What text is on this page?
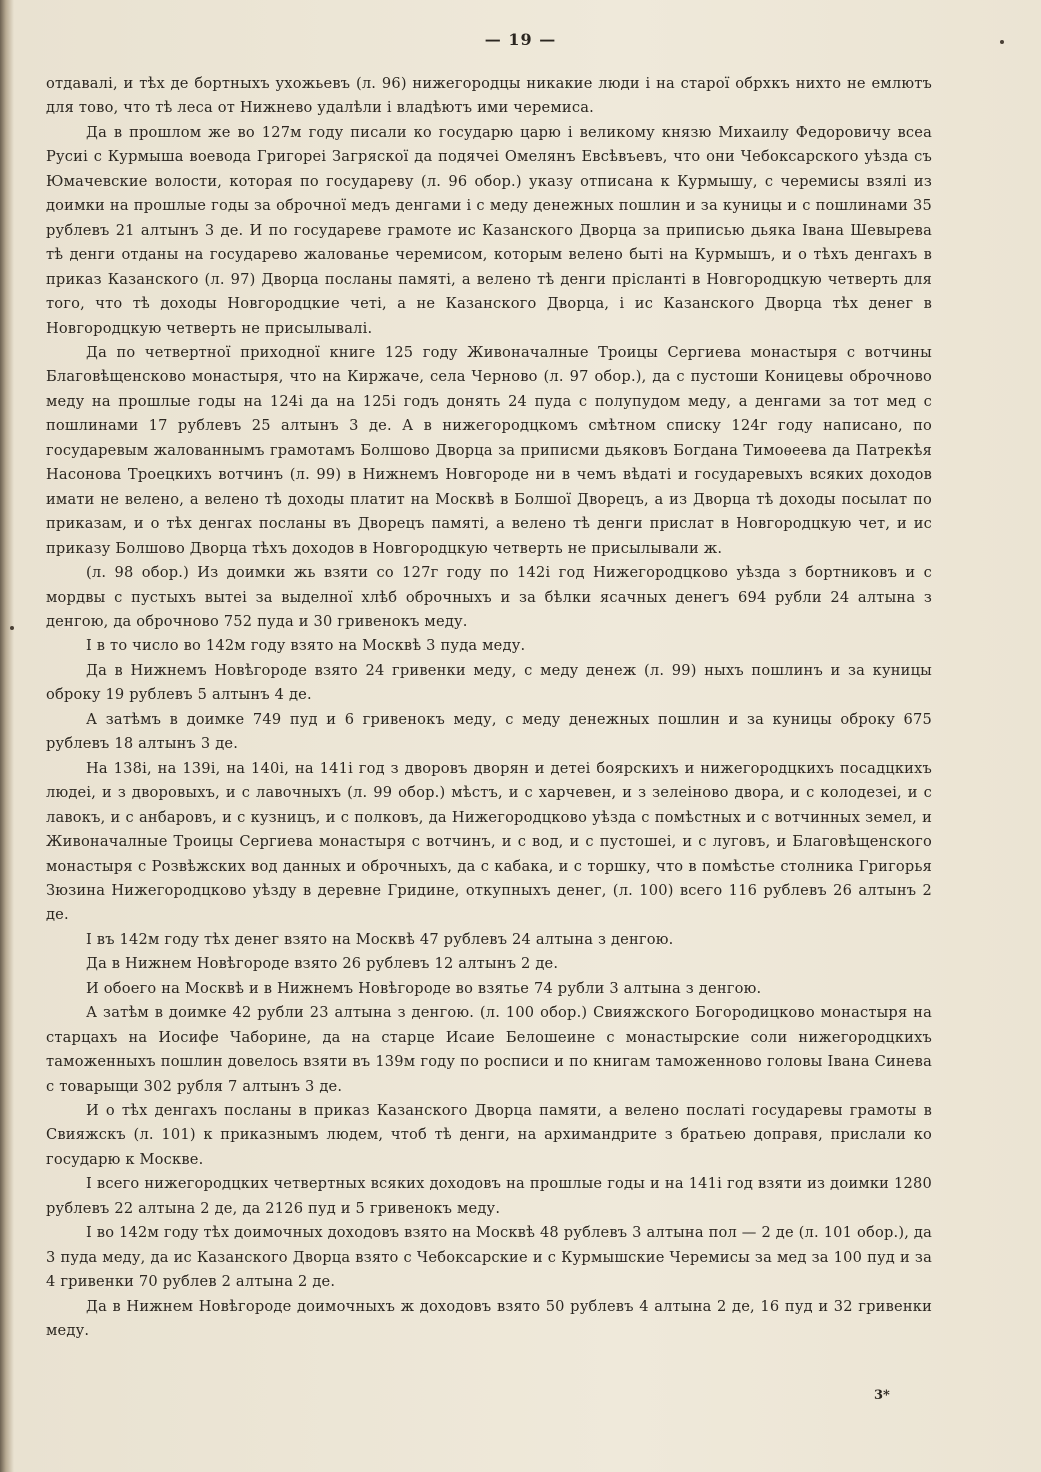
— 19 —

отдавалі, и тѣх де бортныхъ ухожьевъ (л. 96) нижегородцы никакие люди і на старої обрхкъ нихто не емлютъ для тово, что тѣ леса от Нижнево удалѣли і владѣютъ ими черемиса.

Да в прошлом же во 127м году писали ко государю царю і великому князю Михаилу Федоровичу всеа Русиі с Курмыша воевода Григореі Загряскої да подячеі Омелянъ Евсѣвъевъ, что они Чебоксарского уѣзда съ Юмачевские волости, которая по государеву (л. 96 обор.) указу отписана к Курмышу, с черемисы взялі из доимки на прошлые годы за оброчної медъ денгами і с меду денежных пошлин и за куницы и с пошлинами 35 рублевъ 21 алтынъ 3 де. И по государеве грамоте ис Казанского Дворца за приписью дьяка Івана Шевырева тѣ денги отданы на государево жалованье черемисом, которым велено быті на Курмышъ, и о тѣхъ денгахъ в приказ Казанского (л. 97) Дворца посланы памяті, а велено тѣ денги прісланті в Новгородцкую четверть для того, что тѣ доходы Новгородцкие четі, а не Казанского Дворца, і ис Казанского Дворца тѣх денег в Новгородцкую четверть не присылывалі.

Да по четвертної приходної книге 125 году Живоначалные Троицы Сергиева монастыря с вотчины Благовѣщенсково монастыря, что на Киржаче, села Черново (л. 97 обор.), да с пустоши Коницевы оброчново меду на прошлые годы на 124і да на 125і годъ донять 24 пуда с полупудом меду, а денгами за тот мед с пошлинами 17 рублевъ 25 алтынъ 3 де. А в нижегородцкомъ смѣтном списку 124г году написано, по государевым жалованнымъ грамотамъ Болшово Дворца за приписми дьяковъ Богдана Тимоѳеева да Патрекѣя Насонова Троецкихъ вотчинъ (л. 99) в Нижнемъ Новгороде ни в чемъ вѣдаті и государевыхъ всяких доходов имати не велено, а велено тѣ доходы платит на Москвѣ в Болшої Дворецъ, а из Дворца тѣ доходы посылат по приказам, и о тѣх денгах посланы въ Дворецъ памяті, а велено тѣ денги прислат в Новгородцкую чет, и ис приказу Болшово Дворца тѣхъ доходов в Новгородцкую четверть не присылывали ж.

(л. 98 обор.) Из доимки жь взяти со 127г году по 142і год Нижегородцково уѣзда з бортниковъ и с мордвы с пустыхъ вытеі за выделної хлѣб оброчныхъ и за бѣлки ясачных денегъ 694 рубли 24 алтына з денгою, да оброчново 752 пуда и 30 гривенокъ меду.

І в то число во 142м году взято на Москвѣ 3 пуда меду.

Да в Нижнемъ Новѣгороде взято 24 гривенки меду, с меду денеж (л. 99) ныхъ пошлинъ и за куницы оброку 19 рублевъ 5 алтынъ 4 де.

А затѣмъ в доимке 749 пуд и 6 гривенокъ меду, с меду денежных пошлин и за куницы оброку 675 рублевъ 18 алтынъ 3 де.

На 138і, на 139і, на 140і, на 141і год з дворовъ дворян и детеі боярскихъ и нижегородцкихъ посадцкихъ людеі, и з дворовыхъ, и с лавочныхъ (л. 99 обор.) мѣстъ, и с харчевен, и з зелеіново двора, и с колодезеі, и с лавокъ, и с анбаровъ, и с кузницъ, и с полковъ, да Нижегородцково уѣзда с помѣстных и с вотчинных земел, и Живоначалные Троицы Сергиева монастыря с вотчинъ, и с вод, и с пустошеі, и с луговъ, и Благовѣщенского монастыря с Розвѣжских вод данных и оброчныхъ, да с кабака, и с торшку, что в помѣстье столника Григорья Зюзина Нижегородцково уѣзду в деревне Гридине, откупныхъ денег, (л. 100) всего 116 рублевъ 26 алтынъ 2 де.

І въ 142м году тѣх денег взято на Москвѣ 47 рублевъ 24 алтына з денгою.

Да в Нижнем Новѣгороде взято 26 рублевъ 12 алтынъ 2 де.

И обоего на Москвѣ и в Нижнемъ Новѣгороде во взятье 74 рубли 3 алтына з денгою.

А затѣм в доимке 42 рубли 23 алтына з денгою. (л. 100 обор.) Свияжского Богородицково монастыря на старцахъ на Иосифе Чаборине, да на старце Исаие Белошеине с монастырские соли нижегородцкихъ таможенныхъ пошлин довелось взяти въ 139м году по росписи и по книгам таможенново головы Івана Синева с товарыщи 302 рубля 7 алтынъ 3 де.

И о тѣх денгахъ посланы в приказ Казанского Дворца памяти, а велено послаті государевы грамоты в Свияжскъ (л. 101) к приказнымъ людем, чтоб тѣ денги, на архимандрите з братьею доправя, прислали ко государю к Москве.

І всего нижегородцких четвертных всяких доходовъ на прошлые годы и на 141і год взяти из доимки 1280 рублевъ 22 алтына 2 де, да 2126 пуд и 5 гривенокъ меду.

І во 142м году тѣх доимочных доходовъ взято на Москвѣ 48 рублевъ 3 алтына пол — 2 де (л. 101 обор.), да 3 пуда меду, да ис Казанского Дворца взято с Чебоксарские и с Курмышские Черемисы за мед за 100 пуд и за 4 гривенки 70 рублев 2 алтына 2 де.

Да в Нижнем Новѣгороде доимочныхъ ж доходовъ взято 50 рублевъ 4 алтына 2 де, 16 пуд и 32 гривенки меду.

3*
